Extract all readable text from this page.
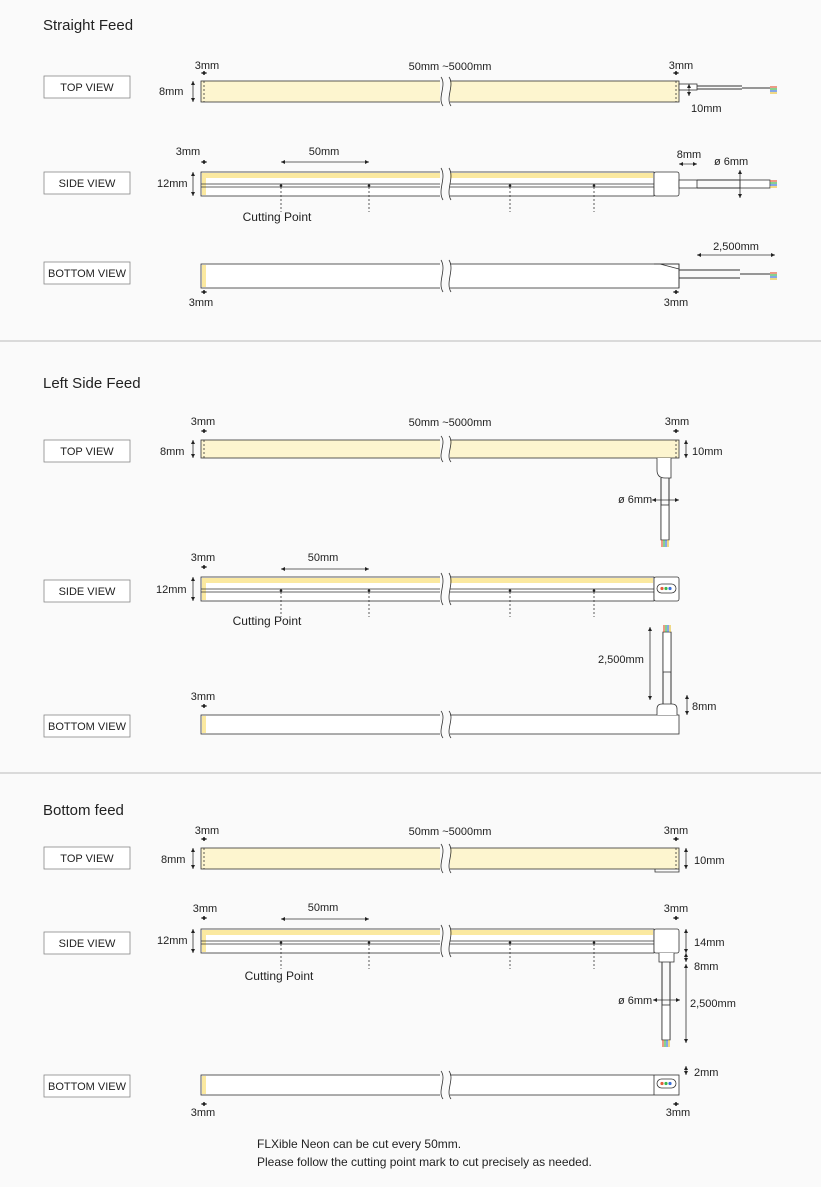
Straight Feed
TOP VIEW
SIDE VIEW
BOTTOM VIEW
3mm	50mm ~5000mm	3mm
8mm
10mm
3mm	50mm
12mm
8mm
ø 6mm
Cutting Point
2,500mm
3mm	3mm
Left Side Feed
TOP VIEW
SIDE VIEW
BOTTOM VIEW
3mm	50mm ~5000mm	3mm
8mm	10mm
ø 6mm
3mm	50mm
12mm
Cutting Point
2,500mm
8mm
3mm
Bottom feed
TOP VIEW
SIDE VIEW
BOTTOM VIEW
3mm	50mm ~5000mm	3mm
8mm	10mm
3mm	50mm	3mm
12mm	14mm
8mm
ø 6mm	2,500mm
Cutting Point
2mm
3mm	3mm
FLXible Neon can be cut every 50mm.
Please follow the cutting point mark to cut precisely as needed.
